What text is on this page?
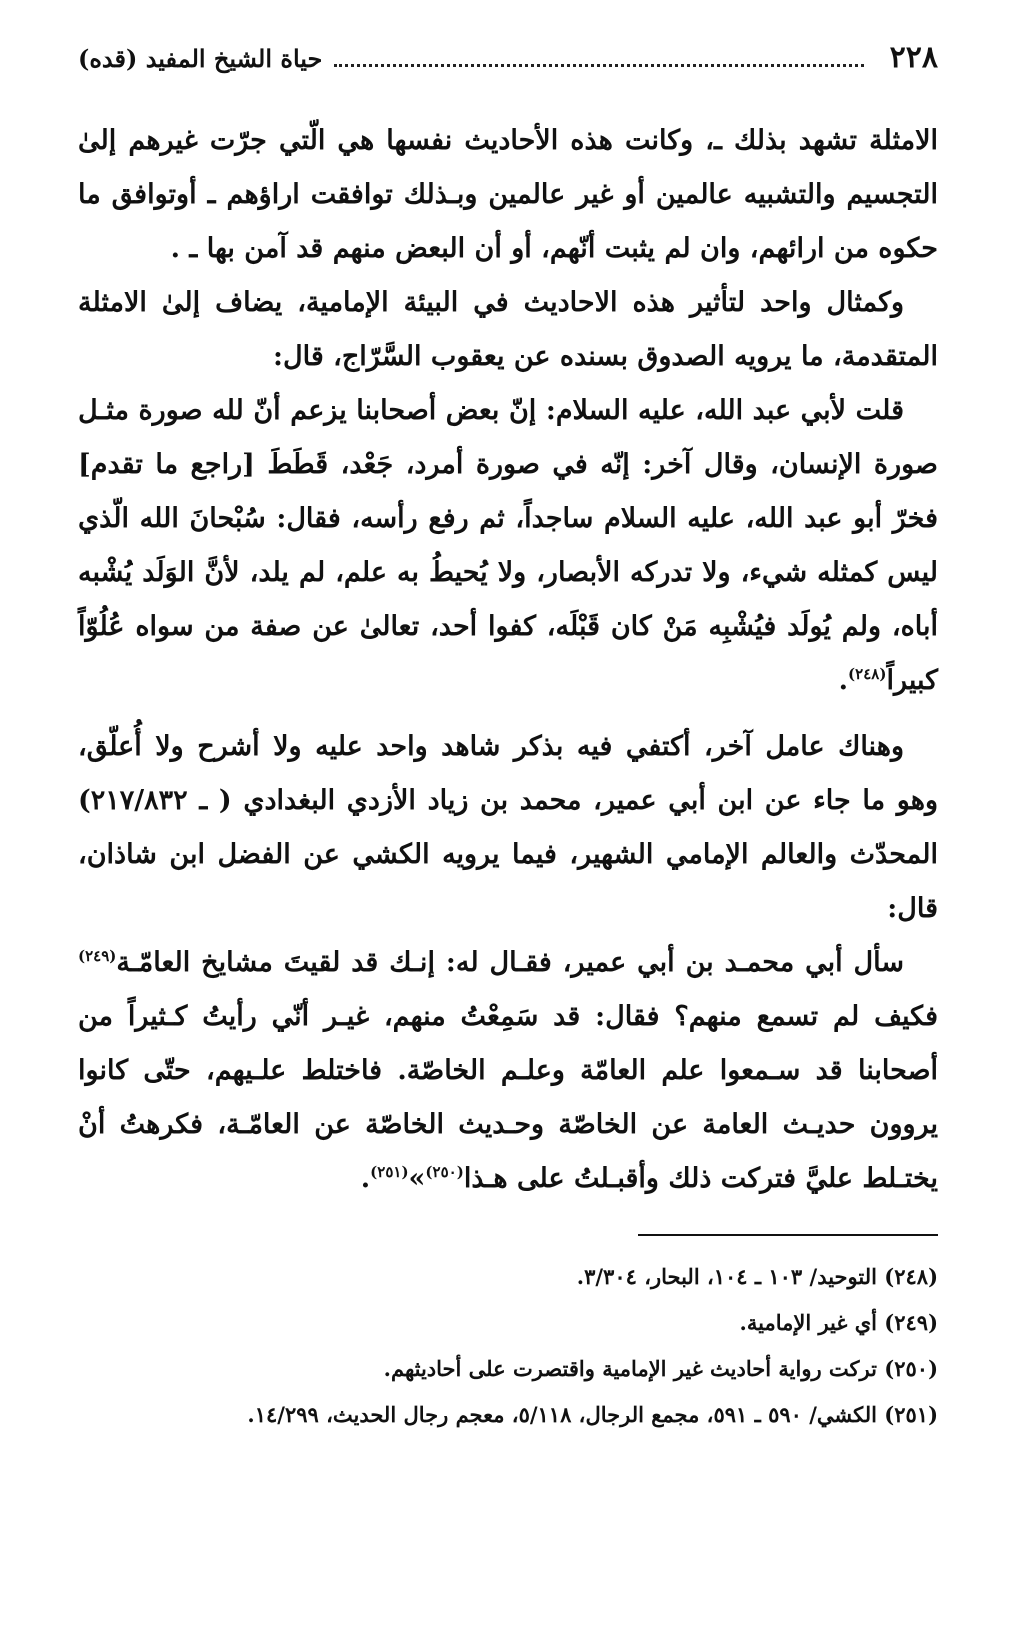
٢٢٨
حياة الشيخ المفيد (قده)

الامثلة تشهد بذلك ـ، وكانت هذه الأحاديث نفسها هي الّتي جرّت غيرهم إلىٰ التجسيم والتشبيه عالمين أو غير عالمين وبـذلك توافقت اراؤهم ـ أوتوافق ما حكوه من ارائهم، وان لم يثبت أنّهم، أو أن البعض منهم قد آمن بها ـ .

وكمثال واحد لتأثير هذه الاحاديث في البيئة الإمامية، يضاف إلىٰ الامثلة المتقدمة، ما يرويه الصدوق بسنده عن يعقوب السَّرّاج، قال:

قلت لأبي عبد الله، عليه السلام: إنّ بعض أصحابنا يزعم أنّ لله صورة مثـل صورة الإنسان، وقال آخر: إنّه في صورة أمرد، جَعْد، قَطَطَ [راجع ما تقدم] فخرّ أبو عبد الله، عليه السلام ساجداً، ثم رفع رأسه، فقال: سُبْحانَ الله الّذي ليس كمثله شيء، ولا تدركه الأبصار، ولا يُحيطُ به علم، لم يلد، لأنَّ الوَلَد يُشْبه أباه، ولم يُولَد فيُشْبِه مَنْ كان قَبْلَه، كفوا أحد، تعالىٰ عن صفة من سواه عُلُوّاً كبيراً$^{(٢٤٨)}$.

وهناك عامل آخر، أكتفي فيه بذكر شاهد واحد عليه ولا أشرح ولا أُعلّق، وهو ما جاء عن ابن أبي عمير، محمد بن زياد الأزدي البغدادي ( ـ ٢١٧/٨٣٢) المحدّث والعالم الإمامي الشهير، فيما يرويه الكشي عن الفضل ابن شاذان، قال:

سأل أبي محمـد بن أبي عمير، فقـال له: إنـك قد لقيتَ مشايخ العامّـة$^{(٢٤٩)}$ فكيف لم تسمع منهم؟ فقال: قد سَمِعْتُ منهم، غيـر أنّي رأيتُ كـثيراً من أصحابنا قد سـمعوا علم العامّة وعلـم الخاصّة. فاختلط علـيهم، حتّى كانوا يروون حديـث العامة عن الخاصّة وحـديث الخاصّة عن العامّـة، فكرهتُ أنْ يختـلط عليَّ فتركت ذلك وأقبـلتُ على هـذا$^{(٢٥٠)}$»$^{(٢٥١)}$.

(٢٤٨) التوحيد/ ١٠٣ ـ ١٠٤، البحار، ٣/٣٠٤.

(٢٤٩) أي غير الإمامية.

(٢٥٠) تركت رواية أحاديث غير الإمامية واقتصرت على أحاديثهم.

(٢٥١) الكشي/ ٥٩٠ ـ ٥٩١، مجمع الرجال، ٥/١١٨، معجم رجال الحديث، ١٤/٢٩٩.
